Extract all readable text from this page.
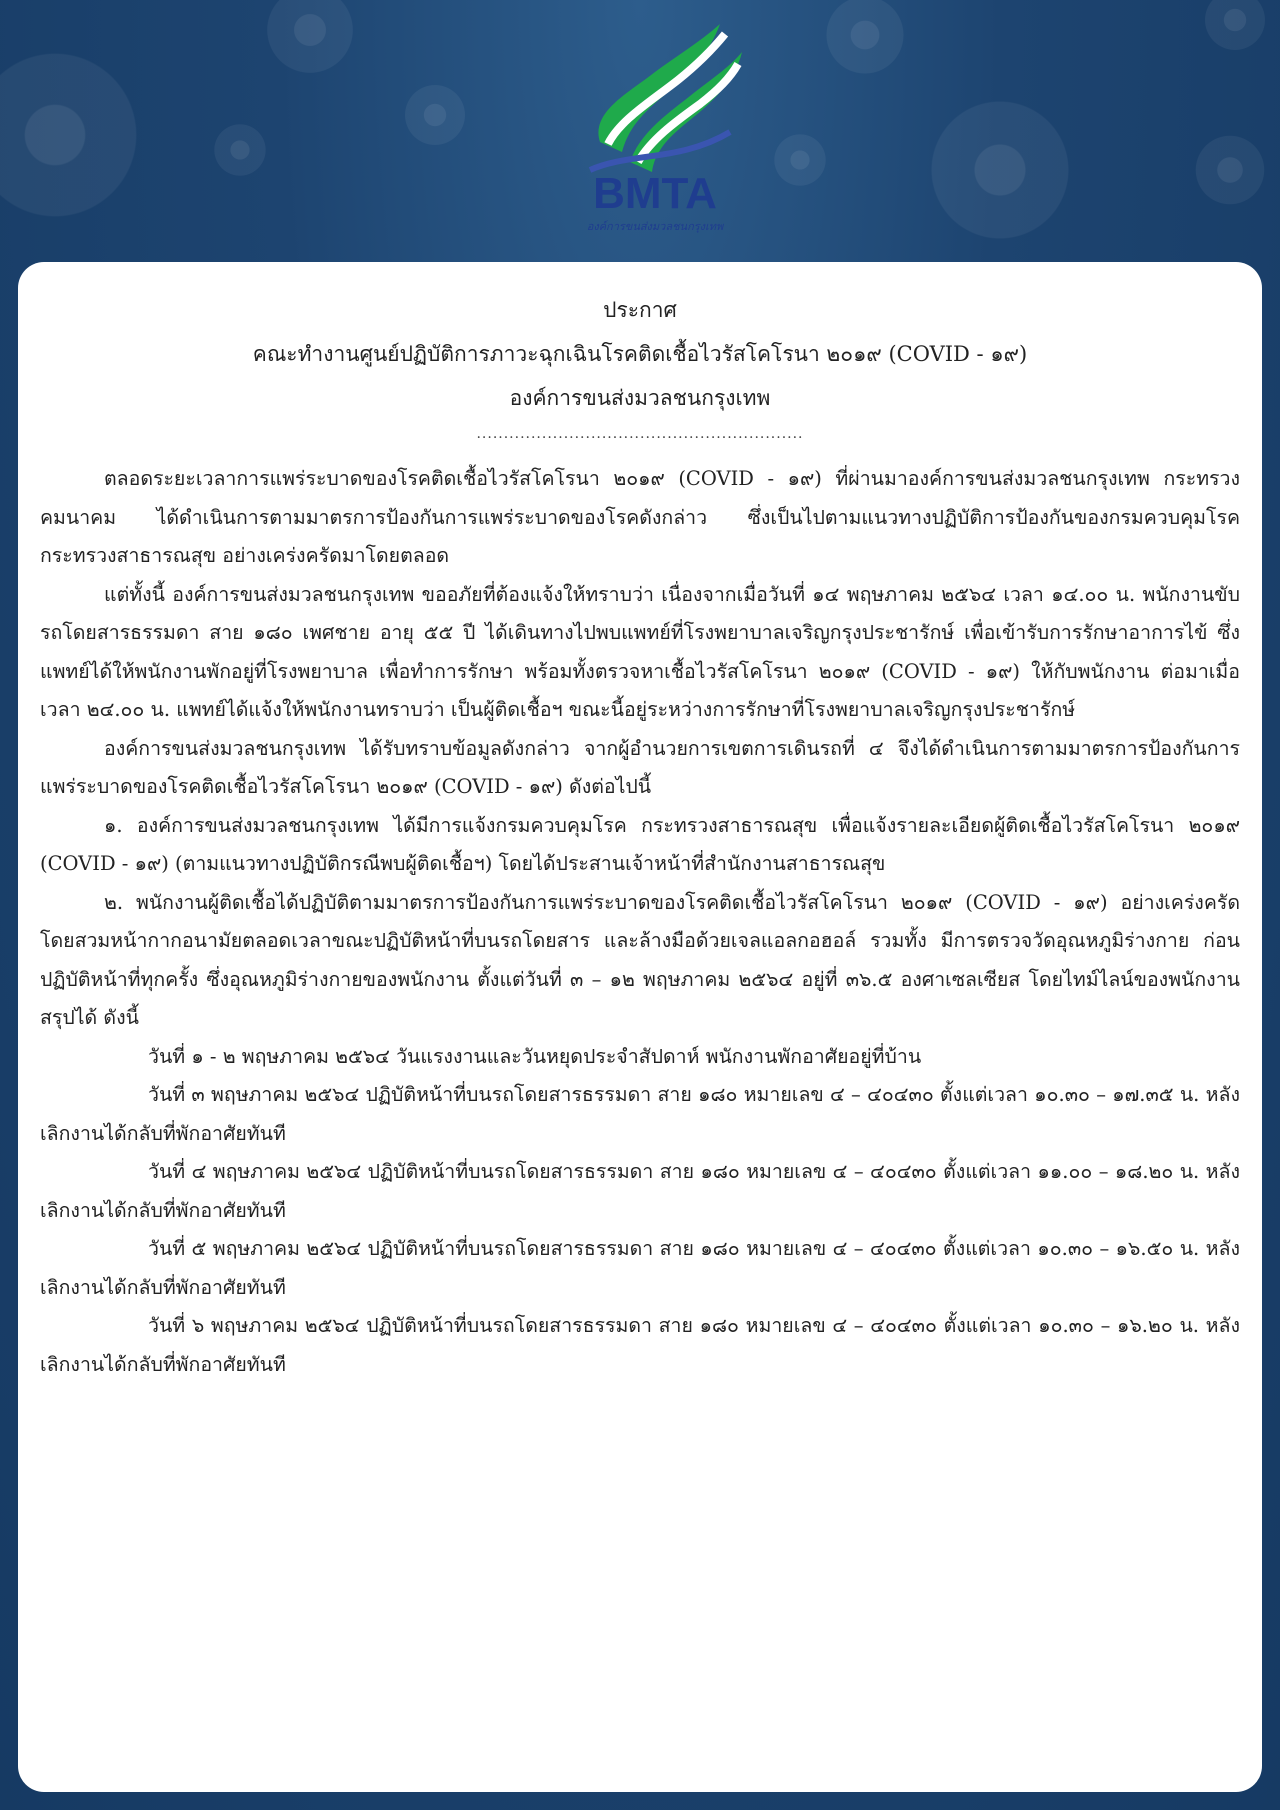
BMTA
องค์การขนส่งมวลชนกรุงเทพ
ประกาศ
คณะทำงานศูนย์ปฏิบัติการภาวะฉุกเฉินโรคติดเชื้อไวรัสโคโรนา ๒๐๑๙ (COVID - ๑๙)
องค์การขนส่งมวลชนกรุงเทพ
............................................................

ตลอดระยะเวลาการแพร่ระบาดของโรคติดเชื้อไวรัสโคโรนา ๒๐๑๙ (COVID - ๑๙) ที่ผ่านมาองค์การขนส่งมวลชนกรุงเทพ กระทรวงคมนาคม ได้ดำเนินการตามมาตรการป้องกันการแพร่ระบาดของโรคดังกล่าว ซึ่งเป็นไปตามแนวทางปฏิบัติการป้องกันของกรมควบคุมโรค กระทรวงสาธารณสุข อย่างเคร่งครัดมาโดยตลอด

แต่ทั้งนี้ องค์การขนส่งมวลชนกรุงเทพ ขออภัยที่ต้องแจ้งให้ทราบว่า เนื่องจากเมื่อวันที่ ๑๔ พฤษภาคม ๒๕๖๔ เวลา ๑๔.๐๐ น. พนักงานขับรถโดยสารธรรมดา สาย ๑๘๐ เพศชาย อายุ ๕๕ ปี ได้เดินทางไปพบแพทย์ที่โรงพยาบาลเจริญกรุงประชารักษ์ เพื่อเข้ารับการรักษาอาการไข้ ซึ่งแพทย์ได้ให้พนักงานพักอยู่ที่โรงพยาบาล เพื่อทำการรักษา พร้อมทั้งตรวจหาเชื้อไวรัสโคโรนา ๒๐๑๙ (COVID - ๑๙) ให้กับพนักงาน ต่อมาเมื่อเวลา ๒๔.๐๐ น. แพทย์ได้แจ้งให้พนักงานทราบว่า เป็นผู้ติดเชื้อฯ ขณะนี้อยู่ระหว่างการรักษาที่โรงพยาบาลเจริญกรุงประชารักษ์

องค์การขนส่งมวลชนกรุงเทพ ได้รับทราบข้อมูลดังกล่าว จากผู้อำนวยการเขตการเดินรถที่ ๔ จึงได้ดำเนินการตามมาตรการป้องกันการแพร่ระบาดของโรคติดเชื้อไวรัสโคโรนา ๒๐๑๙ (COVID - ๑๙) ดังต่อไปนี้

๑. องค์การขนส่งมวลชนกรุงเทพ ได้มีการแจ้งกรมควบคุมโรค กระทรวงสาธารณสุข เพื่อแจ้งรายละเอียดผู้ติดเชื้อไวรัสโคโรนา ๒๐๑๙ (COVID - ๑๙) (ตามแนวทางปฏิบัติกรณีพบผู้ติดเชื้อฯ) โดยได้ประสานเจ้าหน้าที่สำนักงานสาธารณสุข

๒. พนักงานผู้ติดเชื้อได้ปฏิบัติตามมาตรการป้องกันการแพร่ระบาดของโรคติดเชื้อไวรัสโคโรนา ๒๐๑๙ (COVID - ๑๙) อย่างเคร่งครัด โดยสวมหน้ากากอนามัยตลอดเวลาขณะปฏิบัติหน้าที่บนรถโดยสาร และล้างมือด้วยเจลแอลกอฮอล์ รวมทั้ง มีการตรวจวัดอุณหภูมิร่างกาย ก่อนปฏิบัติหน้าที่ทุกครั้ง ซึ่งอุณหภูมิร่างกายของพนักงาน ตั้งแต่วันที่ ๓ – ๑๒ พฤษภาคม ๒๕๖๔ อยู่ที่ ๓๖.๕ องศาเซลเซียส โดยไทม์ไลน์ของพนักงานสรุปได้ ดังนี้

วันที่ ๑ - ๒ พฤษภาคม ๒๕๖๔ วันแรงงานและวันหยุดประจำสัปดาห์ พนักงานพักอาศัยอยู่ที่บ้าน

วันที่ ๓ พฤษภาคม ๒๕๖๔ ปฏิบัติหน้าที่บนรถโดยสารธรรมดา สาย ๑๘๐ หมายเลข ๔ – ๔๐๔๓๐ ตั้งแต่เวลา ๑๐.๓๐ – ๑๗.๓๕ น. หลังเลิกงานได้กลับที่พักอาศัยทันที

วันที่ ๔ พฤษภาคม ๒๕๖๔ ปฏิบัติหน้าที่บนรถโดยสารธรรมดา สาย ๑๘๐ หมายเลข ๔ – ๔๐๔๓๐ ตั้งแต่เวลา ๑๑.๐๐ – ๑๘.๒๐ น. หลังเลิกงานได้กลับที่พักอาศัยทันที

วันที่ ๕ พฤษภาคม ๒๕๖๔ ปฏิบัติหน้าที่บนรถโดยสารธรรมดา สาย ๑๘๐ หมายเลข ๔ – ๔๐๔๓๐ ตั้งแต่เวลา ๑๐.๓๐ – ๑๖.๕๐ น. หลังเลิกงานได้กลับที่พักอาศัยทันที

วันที่ ๖ พฤษภาคม ๒๕๖๔ ปฏิบัติหน้าที่บนรถโดยสารธรรมดา สาย ๑๘๐ หมายเลข ๔ – ๔๐๔๓๐ ตั้งแต่เวลา ๑๐.๓๐ – ๑๖.๒๐ น. หลังเลิกงานได้กลับที่พักอาศัยทันที
